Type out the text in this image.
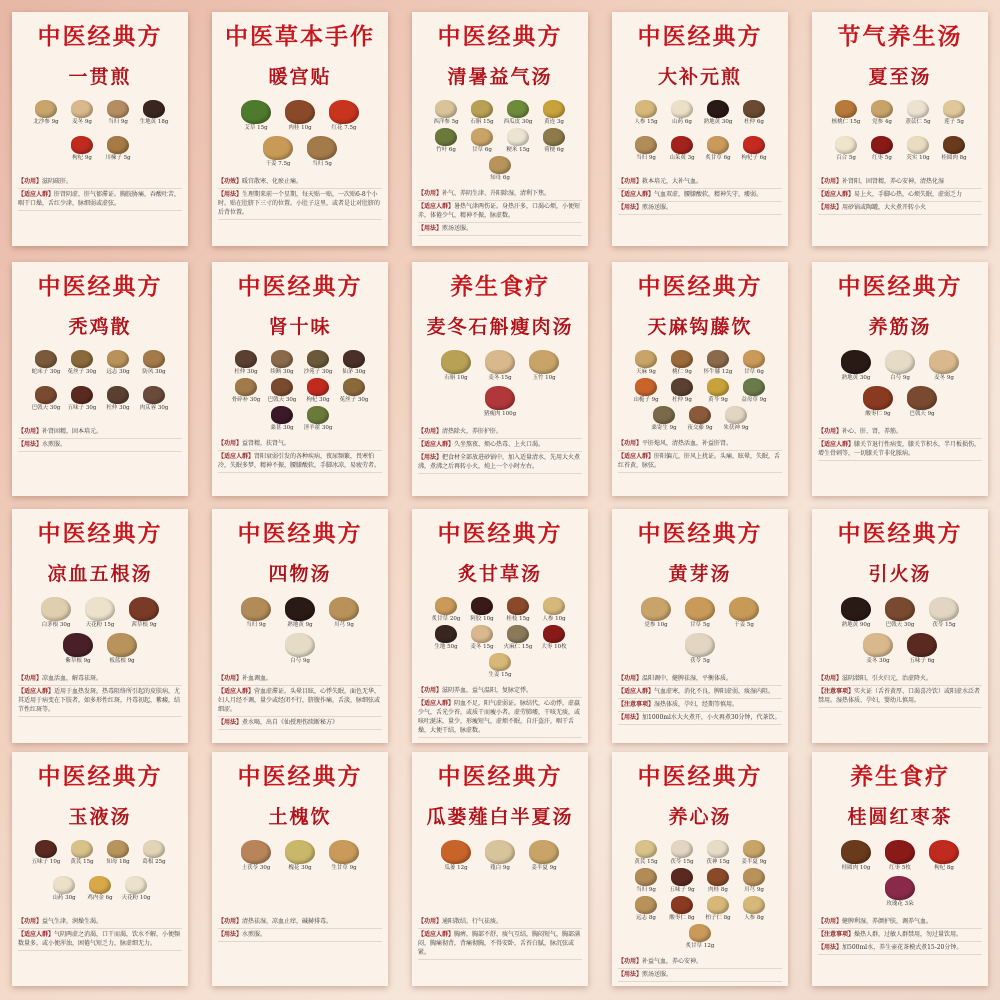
中医经典方
一贯煎
北沙参 9g	麦冬 9g	当归 9g	生地黄 18g
枸杞 9g	川楝子 5g
【功用】滋阴疏肝。
【适应人群】肝肾阴虚，肝气郁滞证。胸脘胁痛，吞酸吐苦，咽干口燥，舌红少津，脉细弱或虚弦。
中医草本手作
暖宫贴
艾草 15g	肉桂 10g	红花 7.5g
干姜 7.5g	当归 5g
【功效】暖宫散寒、化瘀止痛。
【用法】生理期来前一个星期，每天贴一贴，一次贴6-8个小时。贴在肚脐下三寸的位置。小肚子这里，或者是让对肚脐的后背位置。
中医经典方
清暑益气汤
西洋参 5g	石斛 15g	西瓜皮 30g	黄连 3g
竹叶 6g	甘草 6g	粳米 15g	荷梗 6g
知母 6g
【功用】补气、养阴生津、升阳除湿，清利下焦。
【适应人群】暑热气津两伤证。身热汗多，口渴心烦，小便短赤，体倦少气，精神不振，脉虚数。
【用法】煎汤送服。
中医经典方
大补元煎
人参 15g	山药 6g	熟地黄 30g	杜仲 6g
当归 9g	山茱萸 3g	炙甘草 6g	枸杞子 6g
【功用】救本培元，大补气血。
【适应人群】气血双虚，腰膝酸软，精神失守，痿弱。
【用法】煎汤送服。
节气养生汤
夏至汤
核桃仁 15g	党参 4g	薏苡仁 5g	莲子 5g
百合 5g	红枣 5g	芡实 10g	桂圆肉 8g
【功用】补肾阳，固肾精，养心安神，清热化湿
【适应人群】易上火，手脚心热，心烦失眠，虚弱乏力
【用法】用砂锅或陶罐，大火煮开转小火
中医经典方
秃鸡散
蛇床子 30g 菟丝子 30g	远志 30g	防风 30g
巴戟天 30g 五味子 30g	杜仲 30g	肉苁蓉 30g
【功用】补肾固精，固本培元。
【用法】水煎服。
中医经典方
肾十味
杜仲 30g	续断 30g	沙苑子 30g	仙茅 30g
骨碎补 30g 巴戟天 30g	枸杞 30g	菟丝子 30g
桑葚 30g	淫羊藿 30g
【功用】益肾精，扶肾气。
【适应人群】肾阳衰弱引发的各种疾病，夜尿频繁，畏寒怕冷，失眠多梦，精神不振，腰膝酸软，手脚冰凉，易疲劳者。
养生食疗
麦冬石斛瘦肉汤
石斛 10g	麦冬 15g	玉竹 10g
猪瘦肉 100g
【功用】清热除火，养肝护肝。
【适应人群】久坐熬夜、烦心热毒、上火口渴。
【用法】把食材全部放进砂锅中，加入适量清水，先用大火煮沸，煮沸之后再转小火，炖上一个小时左右。
中医经典方
天麻钩藤饮
天麻 9g	桃仁 9g	怀牛膝 12g	甘草 6g
山栀子 9g	杜仲 9g	黄芩 9g	益母草 9g
桑寄生 9g	夜交藤 9g	朱茯神 9g
【功用】平肝熄风，清热活血，补益肝肾。
【适应人群】肝阳偏亢，肝风上扰证。头痛，眩晕，失眠，舌红苔黄，脉弦。
中医经典方
养筋汤
熟地黄 30g	白芍 9g	麦冬 9g
酸枣仁 9g	巴戟天 9g
【功用】补心、肝、肾，养筋。
【适应人群】膝关节退行性病变，膝关节积水，半月板损伤，增生骨刺等，一切膝关节非化脓病。
中医经典方
凉血五根汤
白茅根 30g	天花粉 15g	茜草根 9g
紫草根 9g	板蓝根 9g
【功用】凉血活血，解毒祛斑。
【适应人群】适用于血热发斑，热毒阻络所引起的皮肤病，尤其适用于病变在下肢者，如多形性红斑，丹毒初起，紫癜，结节性红斑等。
中医经典方
四物汤
当归 9g	熟地黄 9g	川芎 9g
白芍 9g
【功用】补血调血。
【适应人群】营血虚滞证。头晕目眩，心悸失眠，面色无华，妇人月经不调，量少或经闭不行，脐腹作痛，舌淡，脉细弦或细涩。
【用法】煮水喝，出自《仙授理伤续断秘方》
中医经典方
炙甘草汤
炙甘草 20g	阿胶 10g	桂枝 15g	人参 10g
生地 50g	麦冬 15g	火麻仁 15g	大枣 10枚
生姜 15g
【功用】滋阴养血，益气温阳，复脉定悸。
【适应人群】阴血不足，阳气虚弱证。脉结代，心动悸，虚羸少气，舌光少苔，或质干而瘦小者。虚劳肺痿，干咳无痰，或咳吐涎沫，量少，形瘦短气，虚烦不眠，自汗盗汗，咽干舌燥，大便干结，脉虚数。
中医经典方
黄芽汤
党参 10g	甘草 5g	干姜 5g
茯苓 5g
【功用】温阳调中，健脾祛湿，平衡体质。
【适应人群】气血虚寒，消化不良，脾阳虚弱，痰湿内阻。
【注意事项】湿热体质，孕妇，经期等慎用。
【用法】加1000ml水大火煮开，小火再煮30分钟，代茶饮。
中医经典方
引火汤
熟地黄 90g	巴戟天 30g	茯苓 15g
麦冬 30g	五味子 6g
【功用】滋阴潜阳，引火归元，治虚降火。
【注意事项】实火证（舌苔黄厚、口渴喜冷饮）或阳虚水泛者禁用。湿热体质、孕妇，婴幼儿慎用。
中医经典方
玉液汤
五味子 10g	黄芪 15g	知母 18g	葛根 25g
山药 30g	鸡内金 6g	天花粉 10g
【功用】益气生津，润燥生渴。
【适应人群】气阴两虚之消渴，口干而渴，饮水不解，小便频数量多，或小便浑浊，困倦气短乏力，脉虚细无力。
中医经典方
土槐饮
土茯苓 30g	槐花 30g	生甘草 9g
【功用】清热祛湿，凉血止痒，碱赫排毒。
【用法】水煎服。
中医经典方
瓜蒌薤白半夏汤
瓜蒌 12g	薤白 9g	姜半夏 9g
【功用】通阳散结，行气祛痰。
【适应人群】胸痹，胸部不舒，痰气互结，胸闷短气，胸部满闷，胸痛彻背，背痛彻胸，不得安卧，舌苔白腻，脉沉弦或紧。
中医经典方
养心汤
黄芪 15g	茯苓 15g	茯神 15g	姜半夏 9g
当归 9g	五味子 9g	肉桂 8g	川芎 9g
远志 8g	酸枣仁 8g	柏子仁 8g	人参 8g
炙甘草 12g
【功用】补益气血，养心安神。
【用法】煎汤送服。
养生食疗
桂圆红枣茶
桂圆肉 10g	红枣 5枚	枸杞 8g
玫瑰花 3朵
【功用】健脾利湿，养颜护肤，调养气血。
【注意事项】燥热人群，过敏人群禁用，勿过量饮用。
【用法】加500ml水，养生壶花茶模式煮15-20分钟。
